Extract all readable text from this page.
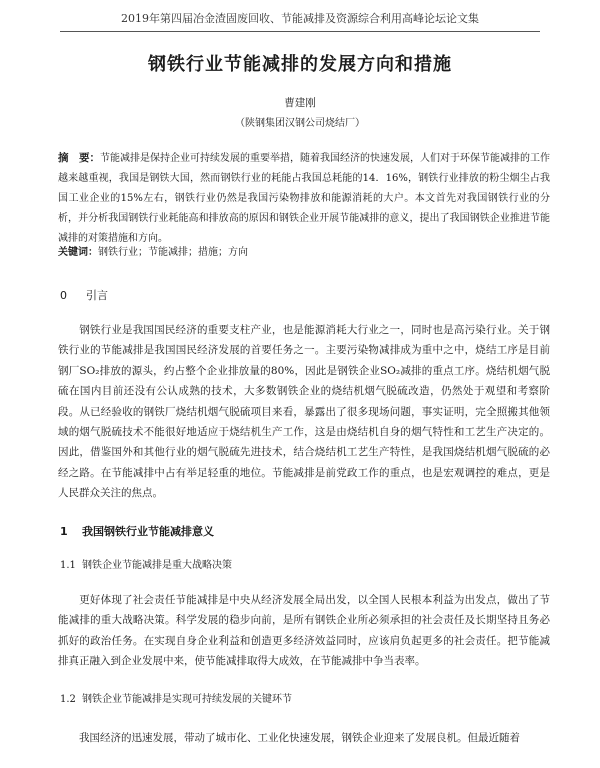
2019年第四届冶金渣固废回收、节能减排及资源综合利用高峰论坛论文集
钢铁行业节能减排的发展方向和措施
曹建刚
（陕钢集团汉钢公司烧结厂）
摘　要：节能减排是保持企业可持续发展的重要举措，随着我国经济的快速发展，人们对于环保节能减排的工作越来越重视，我国是钢铁大国，然而钢铁行业的耗能占我国总耗能的14．16%，钢铁行业排放的粉尘烟尘占我国工业企业的15%左右，钢铁行业仍然是我国污染物排放和能源消耗的大户。本文首先对我国钢铁行业的分析，并分析我国钢铁行业耗能高和排放高的原因和钢铁企业开展节能减排的意义，提出了我国钢铁企业推进节能减排的对策措施和方向。
关键词：钢铁行业；节能减排；措施；方向
0 引言
钢铁行业是我国国民经济的重要支柱产业，也是能源消耗大行业之一，同时也是高污染行业。关于钢铁行业的节能减排是我国国民经济发展的首要任务之一。主要污染物减排成为重中之中，烧结工序是目前钢厂SO₂排放的源头，约占整个企业排放量的80%，因此是钢铁企业SO₂减排的重点工序。烧结机烟气脱硫在国内目前还没有公认成熟的技术，大多数钢铁企业的烧结机烟气脱硫改造，仍然处于观望和考察阶段。从已经验收的钢铁厂烧结机烟气脱硫项目来看，暴露出了很多现场问题，事实证明，完全照搬其他领域的烟气脱硫技术不能很好地适应于烧结机生产工作，这是由烧结机自身的烟气特性和工艺生产决定的。因此，借鉴国外和其他行业的烟气脱硫先进技术，结合烧结机工艺生产特性，是我国烧结机烟气脱硫的必经之路。在节能减排中占有举足轻重的地位。节能减排是前党政工作的重点，也是宏观调控的难点，更是人民群众关注的焦点。
1 我国钢铁行业节能减排意义
1.1 钢铁企业节能减排是重大战略决策
更好体现了社会责任节能减排是中央从经济发展全局出发，以全国人民根本利益为出发点，做出了节能减排的重大战略决策。科学发展的稳步向前，是所有钢铁企业所必须承担的社会责任及长期坚持且务必抓好的政治任务。在实现自身企业利益和创造更多经济效益同时，应该肩负起更多的社会责任。把节能减排真正融入到企业发展中来，使节能减排取得大成效，在节能减排中争当表率。
1.2 钢铁企业节能减排是实现可持续发展的关键环节
我国经济的迅速发展，带动了城市化、工业化快速发展，钢铁企业迎来了发展良机。但最近随着
